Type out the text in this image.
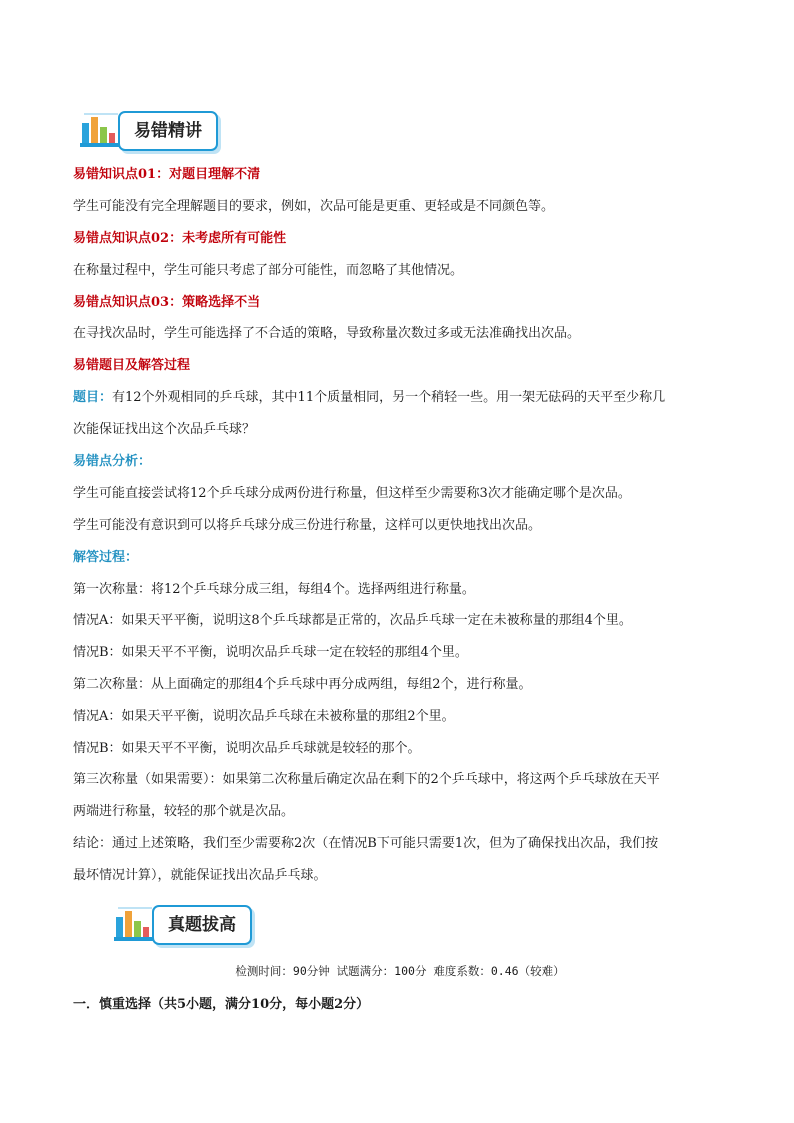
易错精讲
易错知识点01：对题目理解不清
学生可能没有完全理解题目的要求，例如，次品可能是更重、更轻或是不同颜色等。
易错点知识点02：未考虑所有可能性
在称量过程中，学生可能只考虑了部分可能性，而忽略了其他情况。
易错点知识点03：策略选择不当
在寻找次品时，学生可能选择了不合适的策略，导致称量次数过多或无法准确找出次品。
易错题目及解答过程
题目：有12个外观相同的乒乓球，其中11个质量相同，另一个稍轻一些。用一架无砝码的天平至少称几
次能保证找出这个次品乒乓球？
易错点分析：
学生可能直接尝试将12个乒乓球分成两份进行称量，但这样至少需要称3次才能确定哪个是次品。
学生可能没有意识到可以将乒乓球分成三份进行称量，这样可以更快地找出次品。
解答过程：
第一次称量：将12个乒乓球分成三组，每组4个。选择两组进行称量。
情况A：如果天平平衡，说明这8个乒乓球都是正常的，次品乒乓球一定在未被称量的那组4个里。
情况B：如果天平不平衡，说明次品乒乓球一定在较轻的那组4个里。
第二次称量：从上面确定的那组4个乒乓球中再分成两组，每组2个，进行称量。
情况A：如果天平平衡，说明次品乒乓球在未被称量的那组2个里。
情况B：如果天平不平衡，说明次品乒乓球就是较轻的那个。
第三次称量（如果需要）：如果第二次称量后确定次品在剩下的2个乒乓球中，将这两个乒乓球放在天平
两端进行称量，较轻的那个就是次品。
结论：通过上述策略，我们至少需要称2次（在情况B下可能只需要1次，但为了确保找出次品，我们按
最坏情况计算），就能保证找出次品乒乓球。
真题拔高
检测时间：90分钟 试题满分：100分 难度系数：0.46（较难）
一．慎重选择（共5小题，满分10分，每小题2分）
